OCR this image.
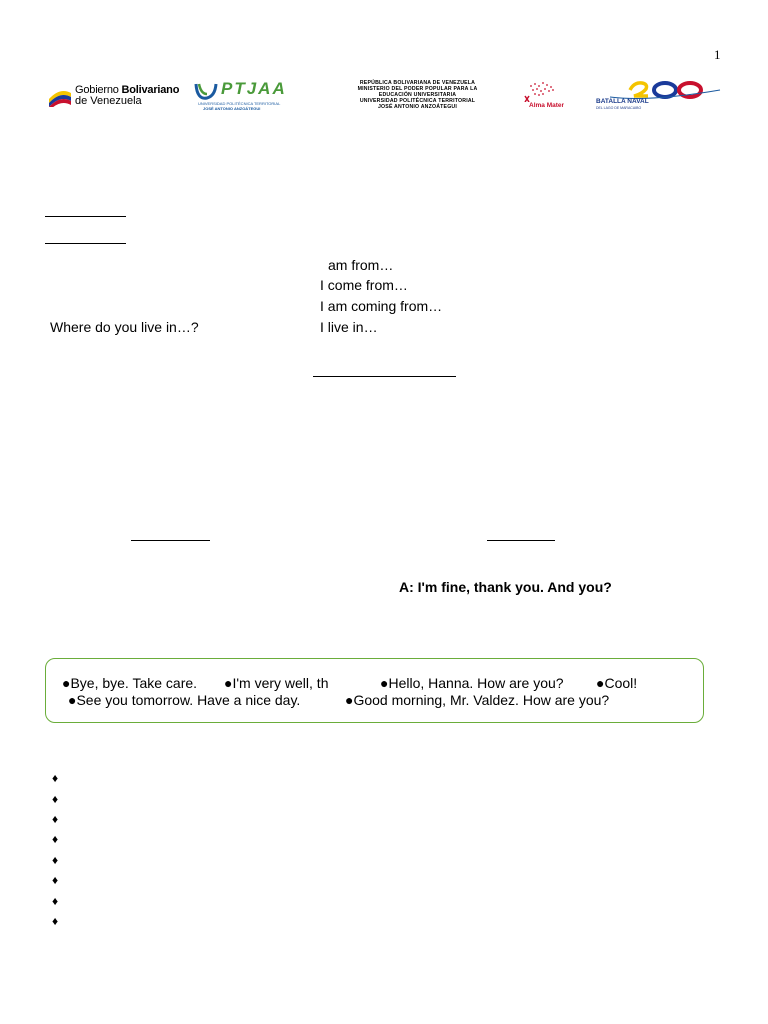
1
Gobierno Bolivariano
de Venezuela
PTJAA
UNIVERSIDAD POLITÉCNICA TERRITORIAL
JOSÉ ANTONIO ANZOÁTEGUI
REPÚBLICA BOLIVARIANA DE VENEZUELA
MINISTERIO DEL PODER POPULAR PARA LA
EDUCACIÓN UNIVERSITARIA
UNIVERSIDAD POLITÉCNICA TERRITORIAL
JOSÉ ANTONIO ANZOÁTEGUI	Alma Mater
BATALLA NAVAL
DEL LAGO DE MARACAIBO
am from…
I come from…
I am coming from…
Where do you live in…?	I live in…
A: I'm fine, thank you. And you?
●Bye, bye. Take care. ●I'm very well, th	●Hello, Hanna. How are you? ●Cool!
●See you tomorrow. Have a nice day.	●Good morning, Mr. Valdez. How are you?
♦
♦
♦
♦
♦
♦
♦
♦
